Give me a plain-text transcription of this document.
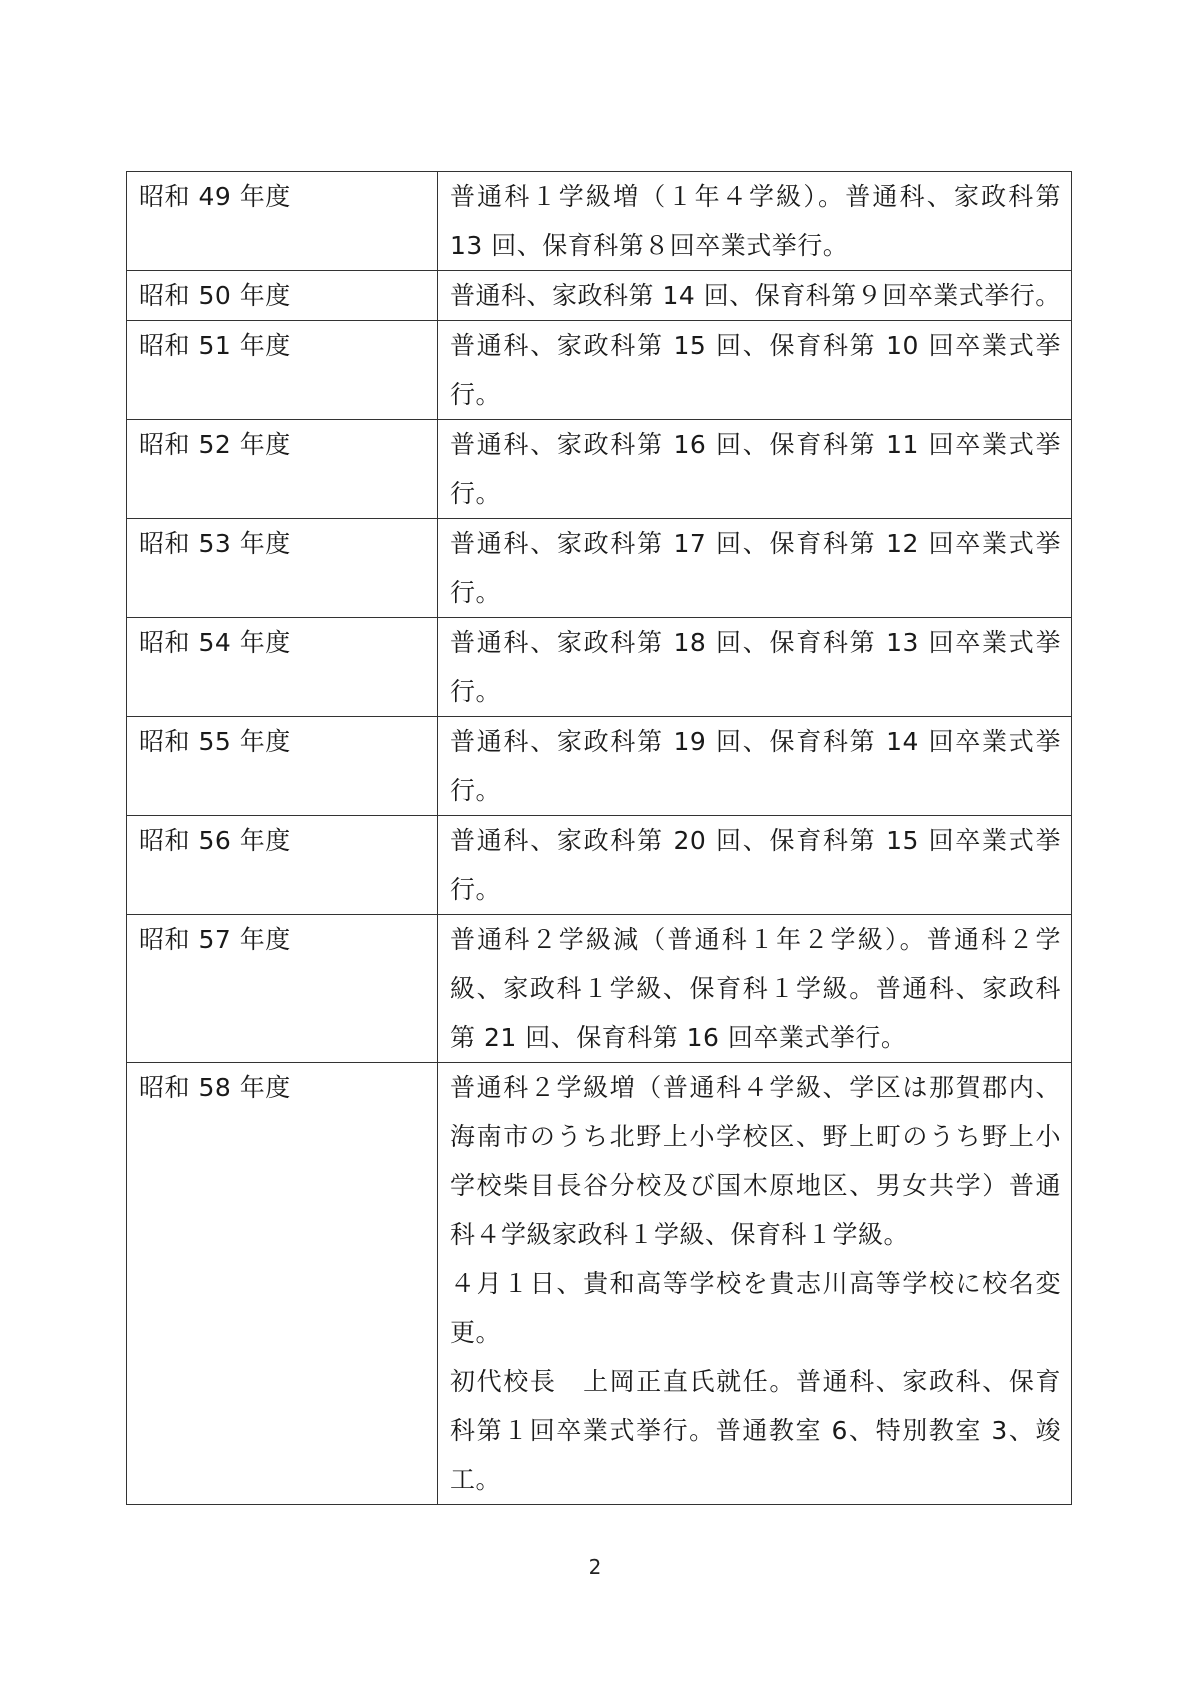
昭和 49 年度	普通科１学級増（１年４学級）。普通科、家政科第 13 回、保育科第８回卒業式挙行。

昭和 50 年度	普通科、家政科第 14 回、保育科第９回卒業式挙行。

昭和 51 年度	普通科、家政科第 15 回、保育科第 10 回卒業式挙行。

昭和 52 年度	普通科、家政科第 16 回、保育科第 11 回卒業式挙行。

昭和 53 年度	普通科、家政科第 17 回、保育科第 12 回卒業式挙行。

昭和 54 年度	普通科、家政科第 18 回、保育科第 13 回卒業式挙行。

昭和 55 年度	普通科、家政科第 19 回、保育科第 14 回卒業式挙行。

昭和 56 年度	普通科、家政科第 20 回、保育科第 15 回卒業式挙行。

昭和 57 年度	普通科２学級減（普通科１年２学級）。普通科２学級、家政科１学級、保育科１学級。普通科、家政科第 21 回、保育科第 16 回卒業式挙行。

昭和 58 年度	普通科２学級増（普通科４学級、学区は那賀郡内、海南市のうち北野上小学校区、野上町のうち野上小学校柴目長谷分校及び国木原地区、男女共学）普通科４学級家政科１学級、保育科１学級。
４月１日、貴和高等学校を貴志川高等学校に校名変更。
初代校長　上岡正直氏就任。普通科、家政科、保育科第１回卒業式挙行。普通教室 6、特別教室 3、竣工。
2
